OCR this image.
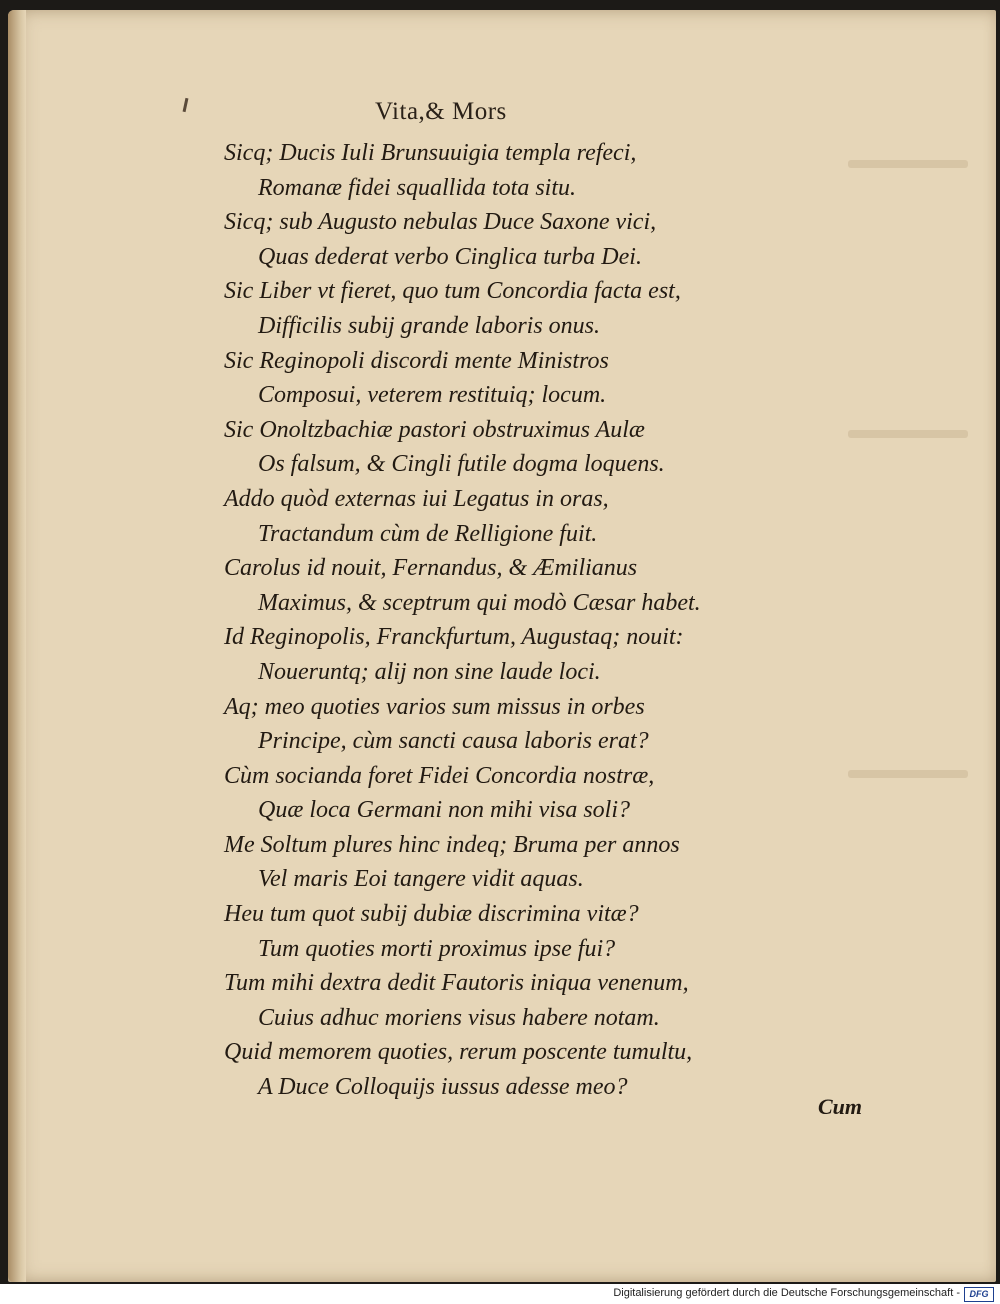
Vita,& Mors
Sicq; Ducis Iuli Brunsuuigia templa refeci,
Romanæ fidei squallida tota situ.
Sicq; sub Augusto nebulas Duce Saxone vici,
Quas dederat verbo Cinglica turba Dei.
Sic Liber vt fieret, quo tum Concordia facta est,
Difficilis subij grande laboris onus.
Sic Reginopoli discordi mente Ministros
Composui, veterem restituiq; locum.
Sic Onoltzbachiæ pastori obstruximus Aulæ
Os falsum, & Cingli futile dogma loquens.
Addo quòd externas iui Legatus in oras,
Tractandum cùm de Relligione fuit.
Carolus id nouit, Fernandus, & Æmilianus
Maximus, & sceptrum qui modò Cæsar habet.
Id Reginopolis, Franckfurtum, Augustaq; nouit:
Noueruntq; alij non sine laude loci.
Aq; meo quoties varios sum missus in orbes
Principe, cùm sancti causa laboris erat?
Cùm socianda foret Fidei Concordia nostræ,
Quæ loca Germani non mihi visa soli?
Me Soltum plures hinc indeq; Bruma per annos
Vel maris Eoi tangere vidit aquas.
Heu tum quot subij dubiæ discrimina vitæ?
Tum quoties morti proximus ipse fui?
Tum mihi dextra dedit Fautoris iniqua venenum,
Cuius adhuc moriens visus habere notam.
Quid memorem quoties, rerum poscente tumultu,
A Duce Colloquijs iussus adesse meo?
Cum
Digitalisierung gefördert durch die Deutsche Forschungsgemeinschaft -	DFG
